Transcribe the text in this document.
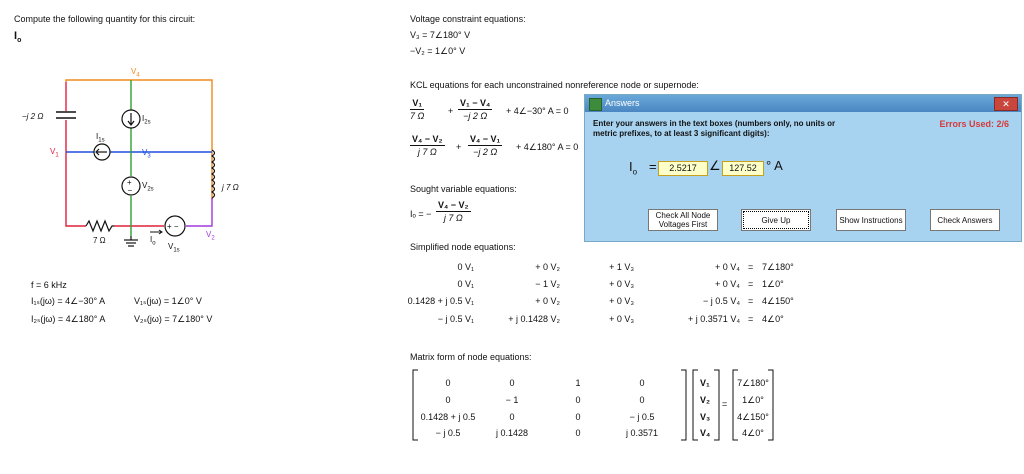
Compute the following quantity for this circuit:
$I_o$
+
−
+ −
$V_4$
−j 2 Ω	$I_{2s}$
$I_{1s}$
$V_1$	$V_3$
$V_{2s}$	j 7 Ω
$V_2$
7 Ω	$I_o$ $V_{1s}$
f = 6 kHz
I₁ₛ(jω) = 4∠−30° A	V₁ₛ(jω) = 1∠0° V
I₂ₛ(jω) = 4∠180° A	V₂ₛ(jω) = 7∠180° V
Voltage constraint equations:
V₃ = 7∠180° V
−V₂ = 1∠0° V
KCL equations for each unconstrained nonreference node or supernode:
$\frac{\text{V₁}}{7 \Omega}$	+ $\frac{\text{V₁ − V₄}}{-j 2 \Omega}$ + 4∠−30° A = 0
$\frac{\text{V₄ − V₂}}{j 7 \Omega} + \frac{\text{V₄ − V₁}}{-j 2 \Omega}$ + 4∠180° A = 0
Sought variable equations:
Iₒ = − $\frac{\text{V₄ − V₂}}{j 7 \Omega}$
Simplified node equations:
0 V₁	+ 0 V₂	+ 1 V₃	+ 0 V₄ = 7∠180°
0 V₁	− 1 V₂	+ 0 V₃	+ 0 V₄ = 1∠0°
0.1428 + j 0.5 V₁	+ 0 V₂	+ 0 V₃	− j 0.5 V₄ = 4∠150°
− j 0.5 V₁	+ j 0.1428 V₂	+ 0 V₃	+ j 0.3571 V₄ = 4∠0°
Matrix form of node equations:
0	0	1	0
0	− 1	0	0
0.1428 + j 0.5	0	0	− j 0.5
− j 0.5	j 0.1428	0	j 0.3571
V₁
V₂
V₃
V₄
7∠180°
1∠0°
4∠150°
4∠0°
=
Answers	✕
Enter your answers in the text boxes (numbers only, no units or metric prefixes, to at least 3 significant digits):
Errors Used: 2/6
$I_o$ =	2.5217 ∠ 127.52 ° A
Check All Node Voltages First	Give Up	Show Instructions	Check Answers
